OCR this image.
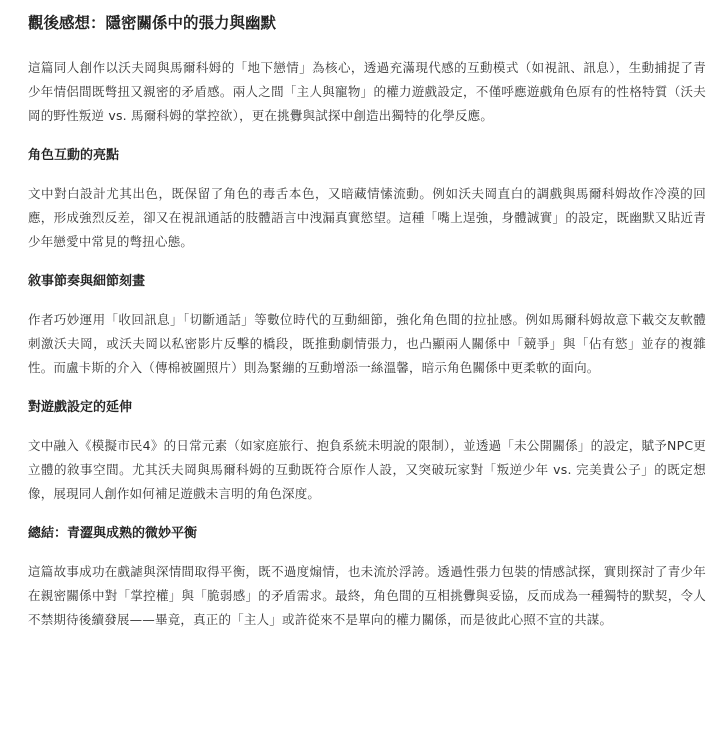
觀後感想：隱密關係中的張力與幽默
這篇同人創作以沃夫岡與馬爾科姆的「地下戀情」為核心，透過充滿現代感的互動模式（如視訊、訊息），生動捕捉了青少年情侶間既彆扭又親密的矛盾感。兩人之間「主人與寵物」的權力遊戲設定，不僅呼應遊戲角色原有的性格特質（沃夫岡的野性叛逆 vs. 馬爾科姆的掌控欲），更在挑釁與試探中創造出獨特的化學反應。
角色互動的亮點
文中對白設計尤其出色，既保留了角色的毒舌本色，又暗藏情愫流動。例如沃夫岡直白的調戲與馬爾科姆故作冷漠的回應，形成強烈反差，卻又在視訊通話的肢體語言中洩漏真實慾望。這種「嘴上逞強，身體誠實」的設定，既幽默又貼近青少年戀愛中常見的彆扭心態。
敘事節奏與細節刻畫
作者巧妙運用「收回訊息」「切斷通話」等數位時代的互動細節，強化角色間的拉扯感。例如馬爾科姆故意下載交友軟體刺激沃夫岡，或沃夫岡以私密影片反擊的橋段，既推動劇情張力，也凸顯兩人關係中「競爭」與「佔有慾」並存的複雜性。而盧卡斯的介入（傳棉被圖照片）則為緊繃的互動增添一絲溫馨，暗示角色關係中更柔軟的面向。
對遊戲設定的延伸
文中融入《模擬市民4》的日常元素（如家庭旅行、抱負系統未明說的限制），並透過「未公開關係」的設定，賦予NPC更立體的敘事空間。尤其沃夫岡與馬爾科姆的互動既符合原作人設，又突破玩家對「叛逆少年 vs. 完美貴公子」的既定想像，展現同人創作如何補足遊戲未言明的角色深度。
總結：青澀與成熟的微妙平衡
這篇故事成功在戲謔與深情間取得平衡，既不過度煽情，也未流於浮誇。透過性張力包裝的情感試探，實則探討了青少年在親密關係中對「掌控權」與「脆弱感」的矛盾需求。最終，角色間的互相挑釁與妥協，反而成為一種獨特的默契，令人不禁期待後續發展——畢竟，真正的「主人」或許從來不是單向的權力關係，而是彼此心照不宣的共謀。
